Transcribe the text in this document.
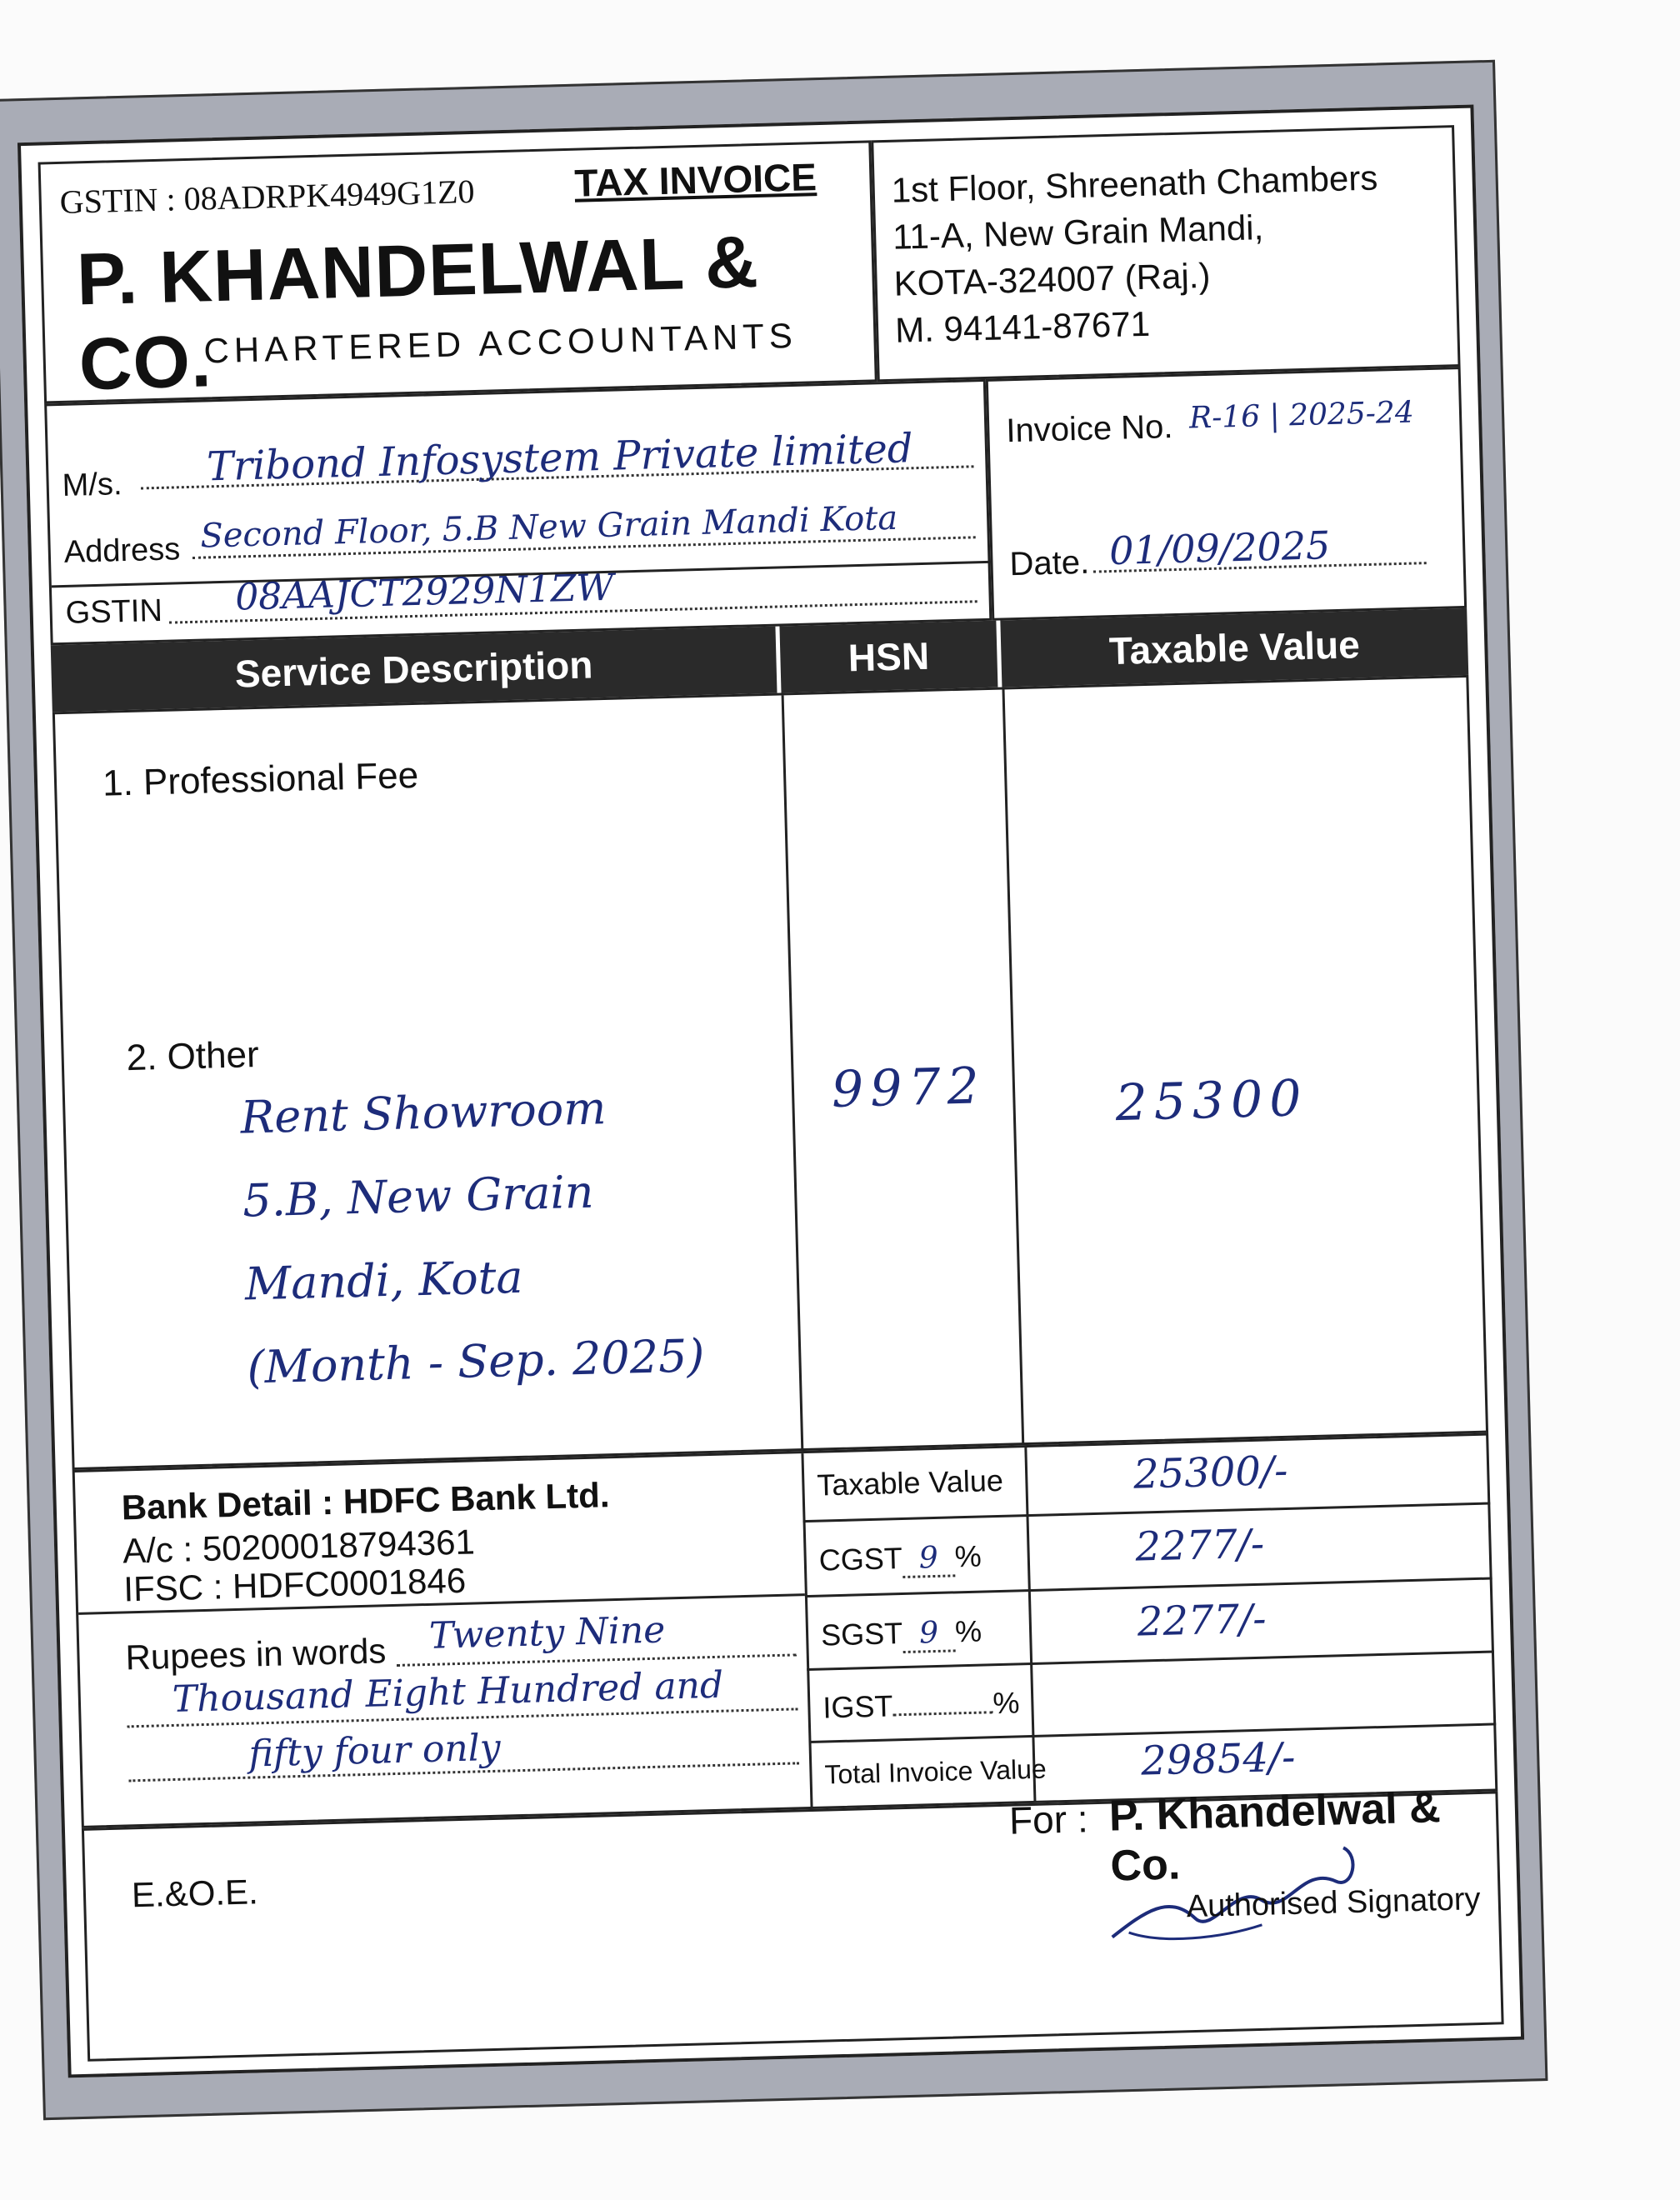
GSTIN : 08ADRPK4949G1Z0	TAX INVOICE
P. KHANDELWAL & CO.
CHARTERED ACCOUNTANTS
1st Floor, Shreenath Chambers
11-A, New Grain Mandi,
KOTA-324007 (Raj.)
M. 94141-87671
M/s. Tribond Infosystem Private limited
Address Second Floor, 5.B New Grain Mandi Kota
GSTIN 08AAJCT2929N1ZW
Invoice No. R-16 | 2025-24
Date. 01/09/2025
Service Description	HSN	Taxable Value
1. Professional Fee
2. Other
Rent Showroom
5.B, New Grain
Mandi, Kota
(Month - Sep. 2025)
9972	25300
Bank Detail : HDFC Bank Ltd.
A/c : 50200018794361
IFSC : HDFC0001846
Rupees in words Twenty Nine
Thousand Eight Hundred and
fifty four only
Taxable Value	25300/-
CGST 9 %	2277/-
SGST 9 %	2277/-
IGST	%
Total Invoice Value 29854/-
E.&O.E.
For : P. Khandelwal & Co.
Authorised Signatory
